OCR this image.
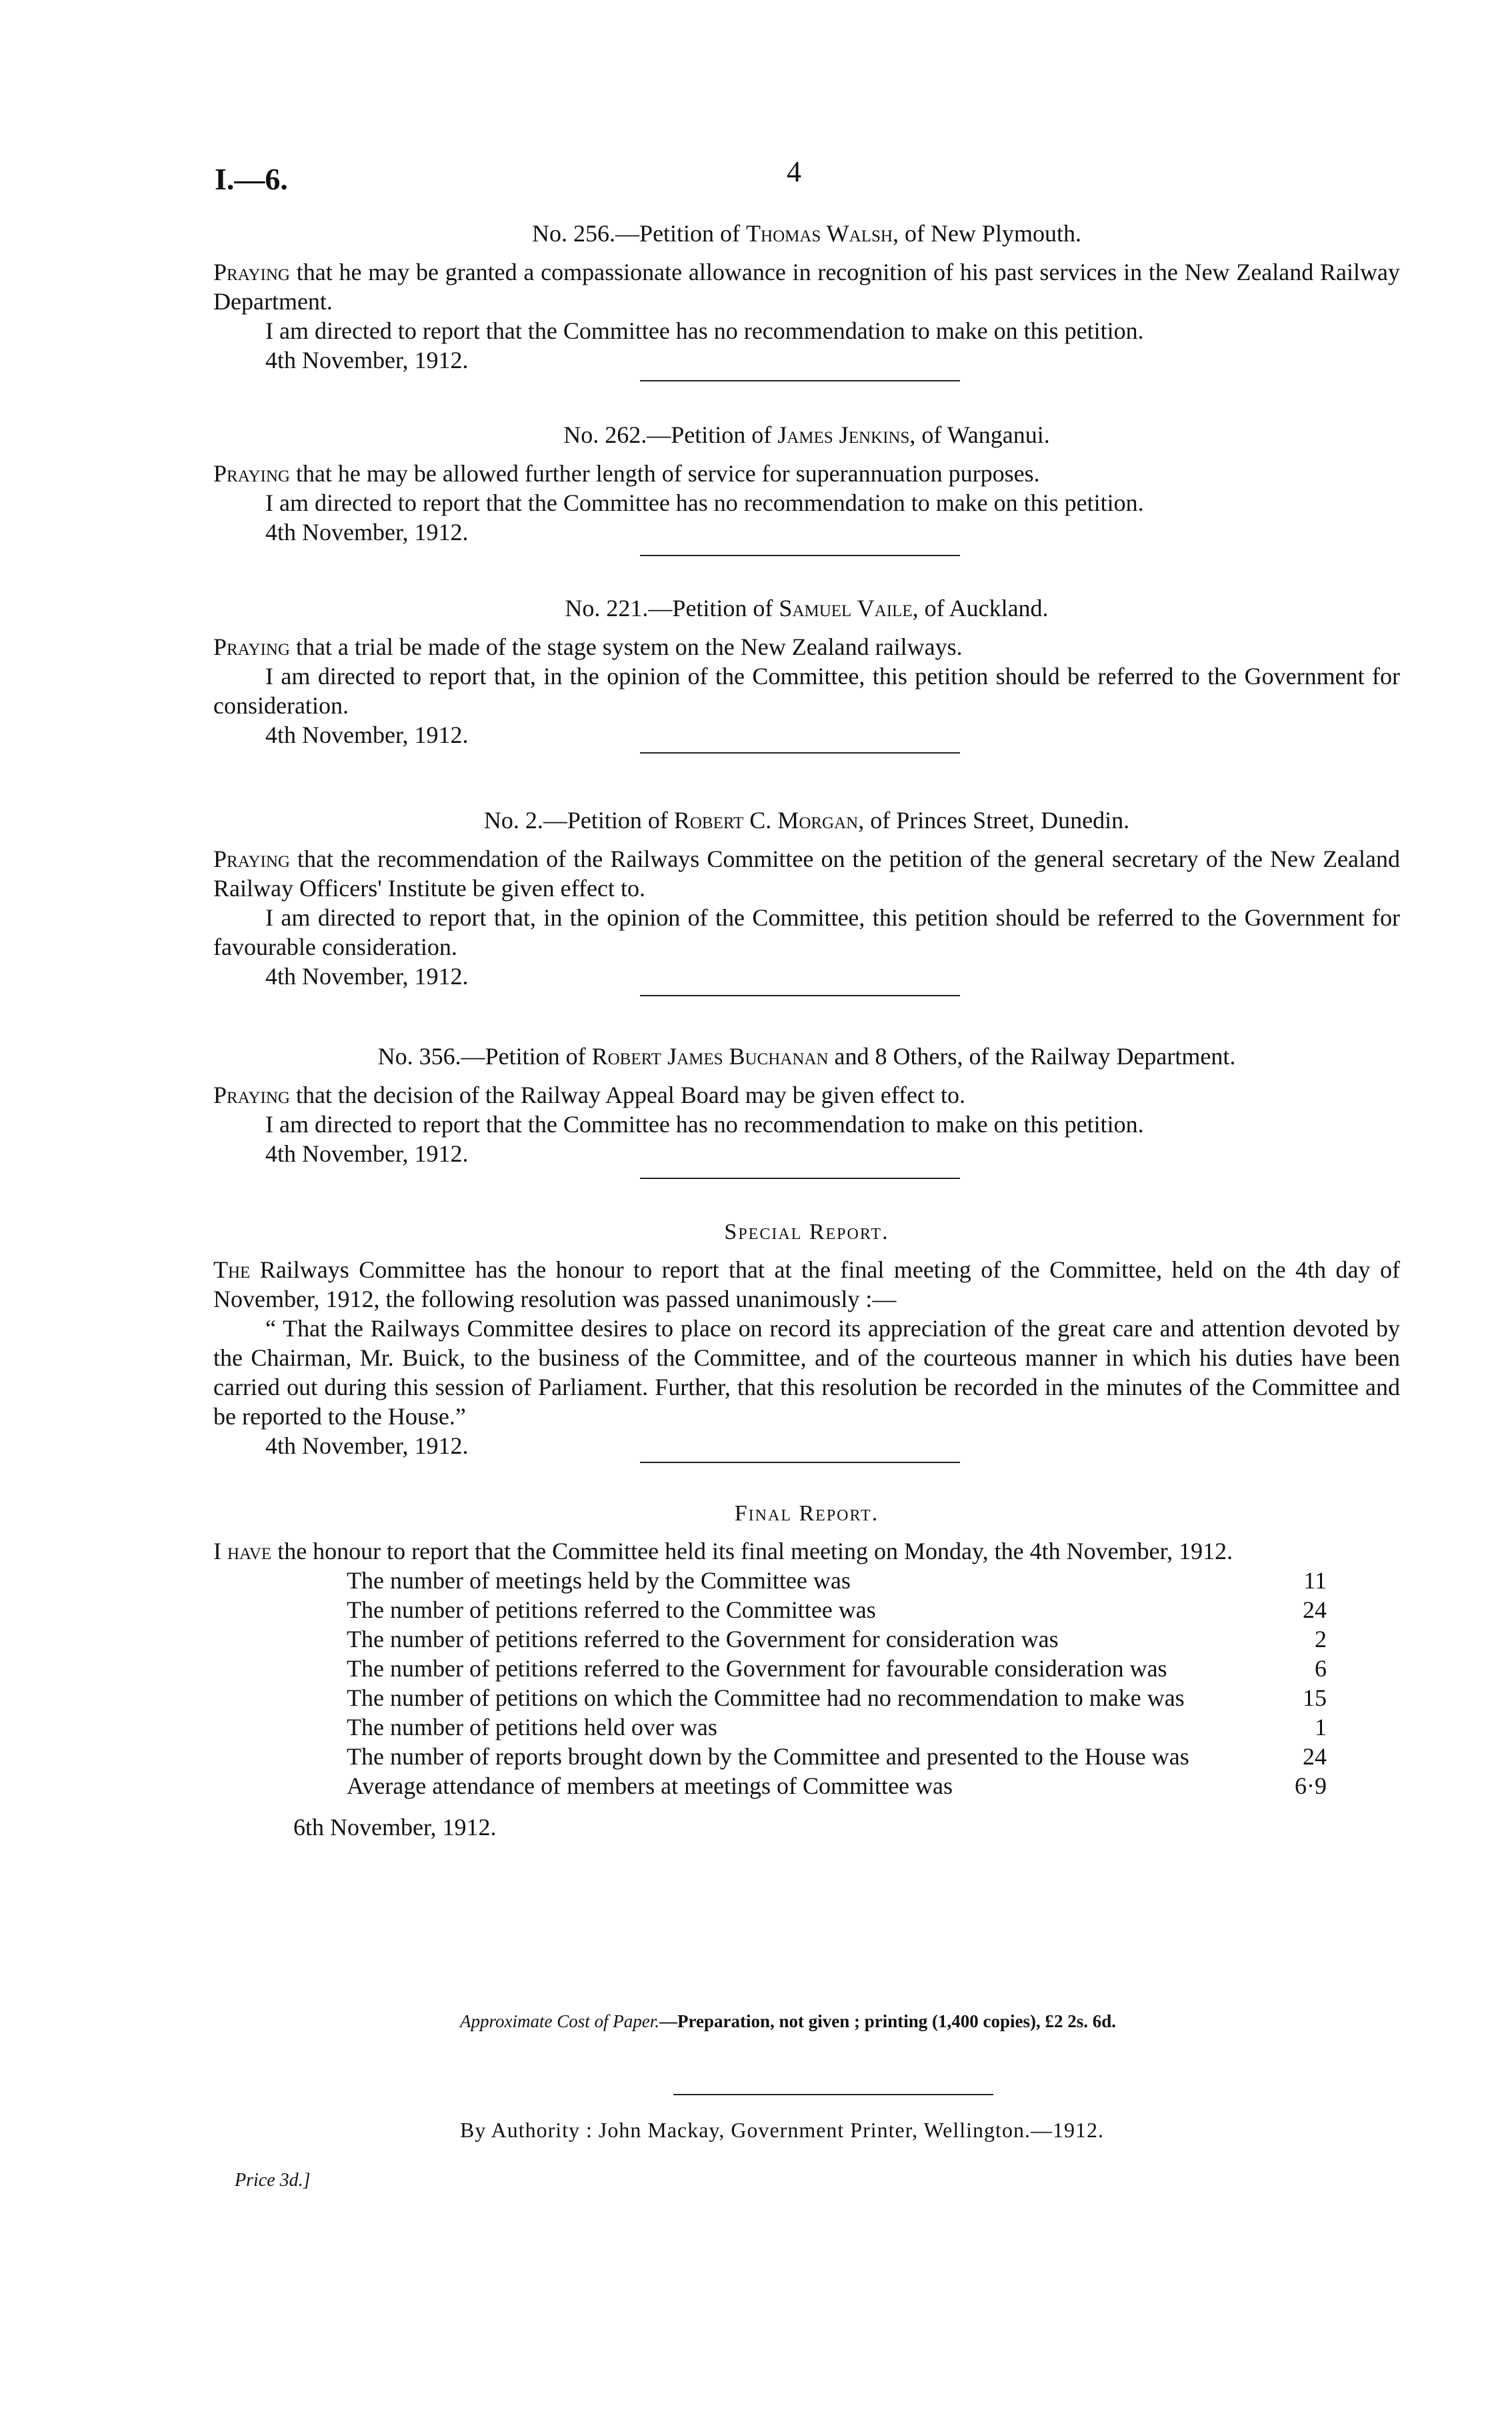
I.—6.	4
No. 256.—Petition of Thomas Walsh, of New Plymouth.

Praying that he may be granted a compassionate allowance in recognition of his past services in the New Zealand Railway Department.

I am directed to report that the Committee has no recommendation to make on this petition.

4th November, 1912.

No. 262.—Petition of James Jenkins, of Wanganui.

Praying that he may be allowed further length of service for superannuation purposes.

I am directed to report that the Committee has no recommendation to make on this petition.

4th November, 1912.

No. 221.—Petition of Samuel Vaile, of Auckland.

Praying that a trial be made of the stage system on the New Zealand railways.

I am directed to report that, in the opinion of the Committee, this petition should be referred to the Government for consideration.

4th November, 1912.

No. 2.—Petition of Robert C. Morgan, of Princes Street, Dunedin.

Praying that the recommendation of the Railways Committee on the petition of the general secretary of the New Zealand Railway Officers' Institute be given effect to.

I am directed to report that, in the opinion of the Committee, this petition should be referred to the Government for favourable consideration.

4th November, 1912.

No. 356.—Petition of Robert James Buchanan and 8 Others, of the Railway Department.

Praying that the decision of the Railway Appeal Board may be given effect to.

I am directed to report that the Committee has no recommendation to make on this petition.

4th November, 1912.

Special Report.

The Railways Committee has the honour to report that at the final meeting of the Committee, held on the 4th day of November, 1912, the following resolution was passed unanimously :—

“ That the Railways Committee desires to place on record its appreciation of the great care and attention devoted by the Chairman, Mr. Buick, to the business of the Committee, and of the courteous manner in which his duties have been carried out during this session of Parliament. Further, that this resolution be recorded in the minutes of the Committee and be reported to the House.”

4th November, 1912.

Final Report.

I have the honour to report that the Committee held its final meeting on Monday, the 4th November, 1912.

The number of meetings held by the Committee was	11
The number of petitions referred to the Committee was	24
The number of petitions referred to the Government for consideration was	2
The number of petitions referred to the Government for favourable consideration was	6
The number of petitions on which the Committee had no recommendation to make was	15
The number of petitions held over was	1
The number of reports brought down by the Committee and presented to the House was	24
Average attendance of members at meetings of Committee was	6·9

6th November, 1912.

Approximate Cost of Paper.—Preparation, not given ; printing (1,400 copies), £2 2s. 6d.
By Authority : John Mackay, Government Printer, Wellington.—1912.
Price 3d.]
